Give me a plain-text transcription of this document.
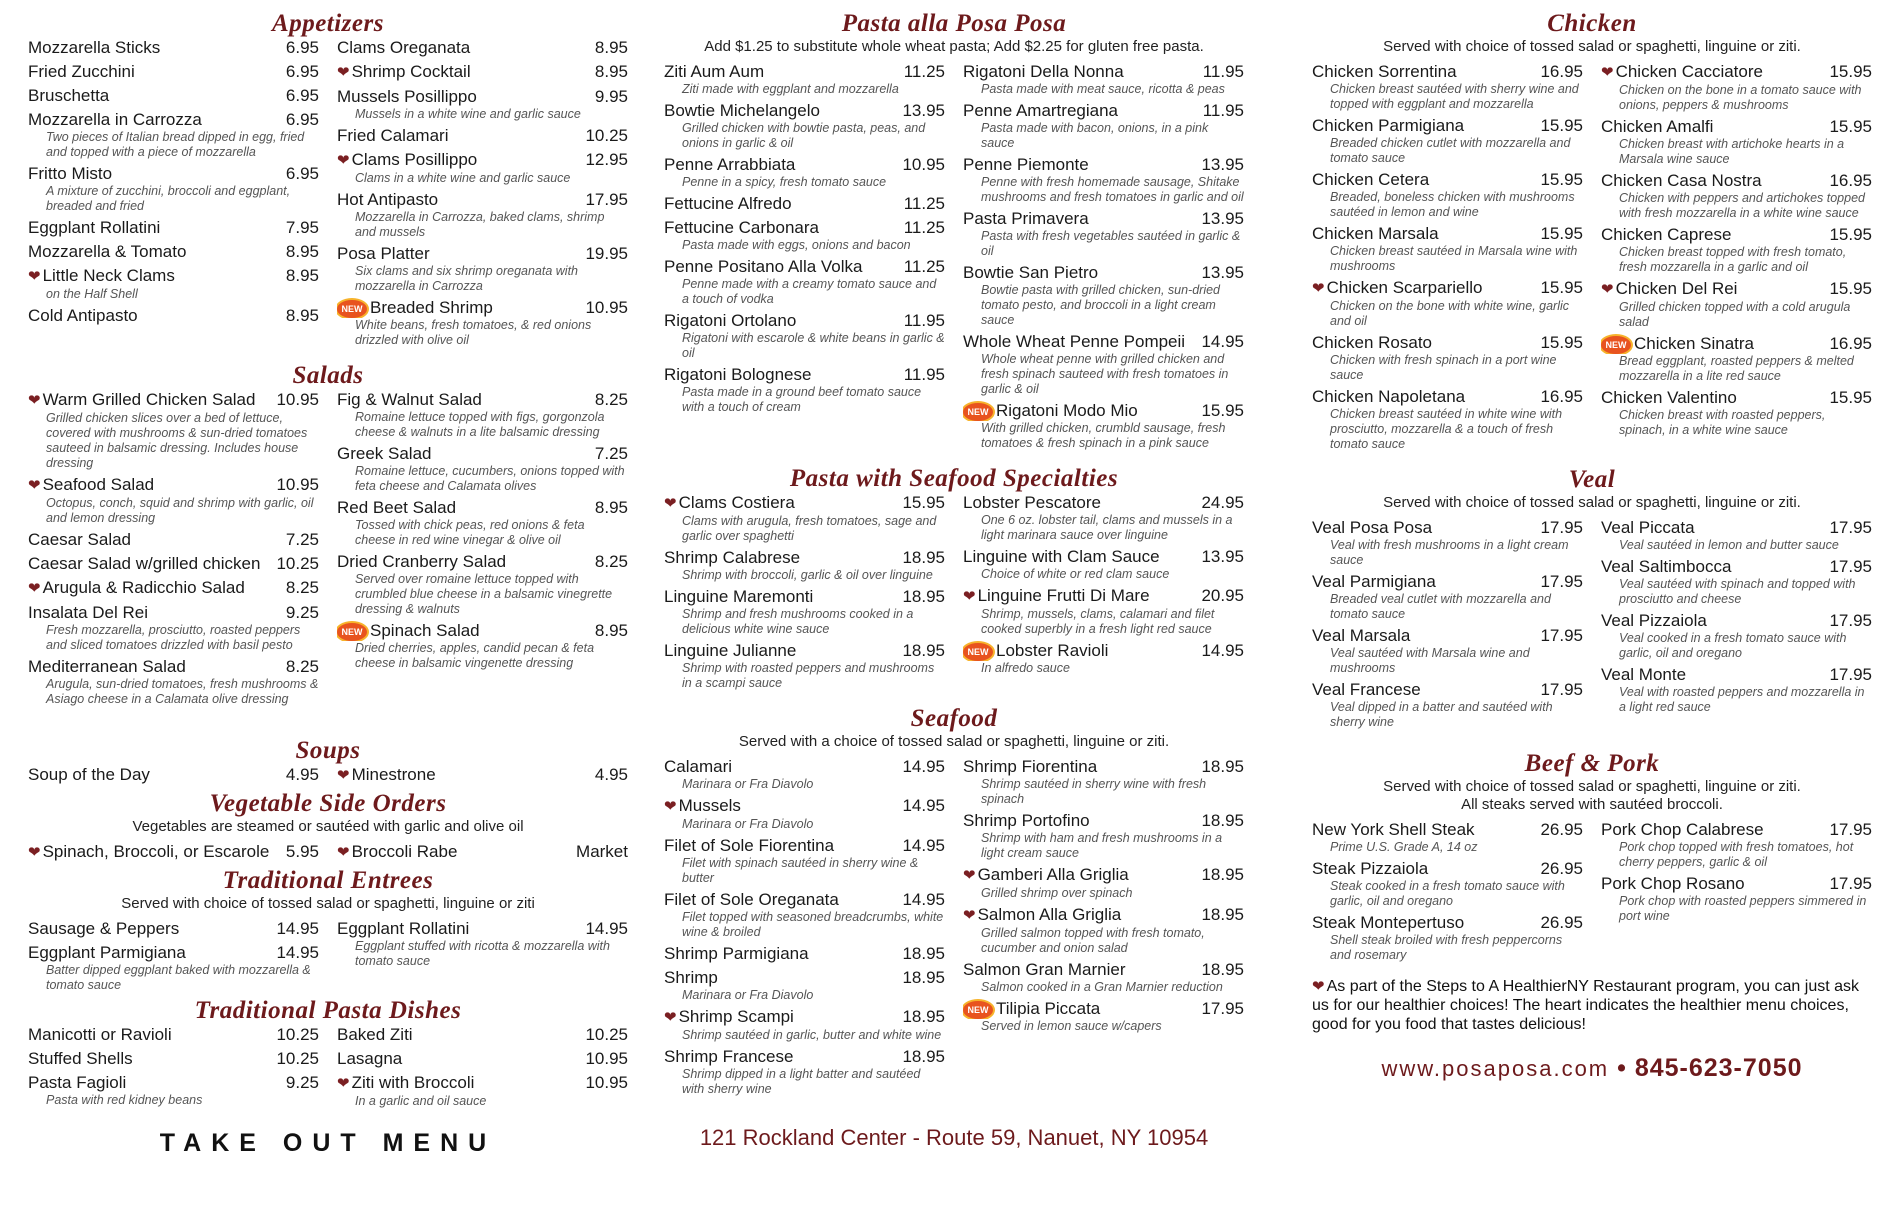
Appetizers
Mozzarella Sticks	6.95
Fried Zucchini	6.95
Bruschetta	6.95
Mozzarella in Carrozza	6.95
Two pieces of Italian bread dipped in egg, fried and topped with a piece of mozzarella
Fritto Misto	6.95
A mixture of zucchini, broccoli and eggplant, breaded and fried
Eggplant Rollatini	7.95
Mozzarella & Tomato	8.95
❤ Little Neck Clams	8.95
on the Half Shell
Cold Antipasto	8.95
Clams Oreganata	8.95
❤ Shrimp Cocktail	8.95
Mussels Posillippo	9.95
Mussels in a white wine and garlic sauce
Fried Calamari	10.25
❤ Clams Posillippo	12.95
Clams in a white wine and garlic sauce
Hot Antipasto	17.95
Mozzarella in Carrozza, baked clams, shrimp and mussels
Posa Platter	19.95
Six clams and six shrimp oreganata with mozzarella in Carrozza
NEW Breaded Shrimp	10.95
White beans, fresh tomatoes, & red onions drizzled with olive oil
Salads
❤ Warm Grilled Chicken Salad	10.95
Grilled chicken slices over a bed of lettuce, covered with mushrooms & sun-dried tomatoes sauteed in balsamic dressing. Includes house dressing
❤ Seafood Salad	10.95
Octopus, conch, squid and shrimp with garlic, oil and lemon dressing
Caesar Salad	7.25
Caesar Salad w/grilled chicken 10.25
❤ Arugula & Radicchio Salad	8.25
Insalata Del Rei	9.25
Fresh mozzarella, prosciutto, roasted peppers and sliced tomatoes drizzled with basil pesto
Mediterranean Salad	8.25
Arugula, sun-dried tomatoes, fresh mushrooms & Asiago cheese in a Calamata olive dressing
Fig & Walnut Salad	8.25
Romaine lettuce topped with figs, gorgonzola cheese & walnuts in a lite balsamic dressing
Greek Salad	7.25
Romaine lettuce, cucumbers, onions topped with feta cheese and Calamata olives
Red Beet Salad	8.95
Tossed with chick peas, red onions & feta cheese in red wine vinegar & olive oil
Dried Cranberry Salad	8.25
Served over romaine lettuce topped with crumbled blue cheese in a balsamic vinegrette dressing & walnuts
NEW Spinach Salad	8.95
Dried cherries, apples, candid pecan & feta cheese in balsamic vingenette dressing
Soups
Soup of the Day	4.95 ❤ Minestrone	4.95
Vegetable Side Orders
Vegetables are steamed or sautéed with garlic and olive oil
❤ Spinach, Broccoli, or Escarole 5.95 ❤ Broccoli Rabe	Market
Traditional Entrees
Served with choice of tossed salad or spaghetti, linguine or ziti
Sausage & Peppers	14.95
Eggplant Parmigiana	14.95
Batter dipped eggplant baked with mozzarella & tomato sauce
Eggplant Rollatini	14.95
Eggplant stuffed with ricotta & mozzarella with tomato sauce
Traditional Pasta Dishes
Manicotti or Ravioli	10.25
Stuffed Shells	10.25
Pasta Fagioli	9.25
Pasta with red kidney beans
Baked Ziti	10.25
Lasagna	10.95
❤ Ziti with Broccoli	10.95
In a garlic and oil sauce
TAKE OUT MENU
Pasta alla Posa Posa
Add $1.25 to substitute whole wheat pasta; Add $2.25 for gluten free pasta.
Ziti Aum Aum	11.25
Ziti made with eggplant and mozzarella
Bowtie Michelangelo	13.95
Grilled chicken with bowtie pasta, peas, and onions in garlic & oil
Penne Arrabbiata	10.95
Penne in a spicy, fresh tomato sauce
Fettucine Alfredo	11.25
Fettucine Carbonara	11.25
Pasta made with eggs, onions and bacon
Penne Positano Alla Volka	11.25
Penne made with a creamy tomato sauce and a touch of vodka
Rigatoni Ortolano	11.95
Rigatoni with escarole & white beans in garlic & oil
Rigatoni Bolognese	11.95
Pasta made in a ground beef tomato sauce with a touch of cream
Rigatoni Della Nonna	11.95
Pasta made with meat sauce, ricotta & peas
Penne Amartregiana	11.95
Pasta made with bacon, onions, in a pink sauce
Penne Piemonte	13.95
Penne with fresh homemade sausage, Shitake mushrooms and fresh tomatoes in garlic and oil
Pasta Primavera	13.95
Pasta with fresh vegetables sautéed in garlic & oil
Bowtie San Pietro	13.95
Bowtie pasta with grilled chicken, sun-dried tomato pesto, and broccoli in a light cream sauce
Whole Wheat Penne Pompeii 14.95
Whole wheat penne with grilled chicken and fresh spinach sauteed with fresh tomatoes in garlic & oil
NEW Rigatoni Modo Mio	15.95
With grilled chicken, crumbld sausage, fresh tomatoes & fresh spinach in a pink sauce
Pasta with Seafood Specialties
❤ Clams Costiera	15.95
Clams with arugula, fresh tomatoes, sage and garlic over spaghetti
Shrimp Calabrese	18.95
Shrimp with broccoli, garlic & oil over linguine
Linguine Maremonti	18.95
Shrimp and fresh mushrooms cooked in a delicious white wine sauce
Linguine Julianne	18.95
Shrimp with roasted peppers and mushrooms in a scampi sauce
Lobster Pescatore	24.95
One 6 oz. lobster tail, clams and mussels in a light marinara sauce over linguine
Linguine with Clam Sauce	13.95
Choice of white or red clam sauce
❤ Linguine Frutti Di Mare	20.95
Shrimp, mussels, clams, calamari and filet cooked superbly in a fresh light red sauce
NEW Lobster Ravioli	14.95
In alfredo sauce
Seafood
Served with a choice of tossed salad or spaghetti, linguine or ziti.
Calamari	14.95
Marinara or Fra Diavolo
❤ Mussels	14.95
Marinara or Fra Diavolo
Filet of Sole Fiorentina	14.95
Filet with spinach sautéed in sherry wine & butter
Filet of Sole Oreganata	14.95
Filet topped with seasoned breadcrumbs, white wine & broiled
Shrimp Parmigiana	18.95
Shrimp	18.95
Marinara or Fra Diavolo
❤ Shrimp Scampi	18.95
Shrimp sautéed in garlic, butter and white wine
Shrimp Francese	18.95
Shrimp dipped in a light batter and sautéed with sherry wine
Shrimp Fiorentina	18.95
Shrimp sautéed in sherry wine with fresh spinach
Shrimp Portofino	18.95
Shrimp with ham and fresh mushrooms in a light cream sauce
❤ Gamberi Alla Griglia	18.95
Grilled shrimp over spinach
❤ Salmon Alla Griglia	18.95
Grilled salmon topped with fresh tomato, cucumber and onion salad
Salmon Gran Marnier	18.95
Salmon cooked in a Gran Marnier reduction
NEW Tilipia Piccata	17.95
Served in lemon sauce w/capers
121 Rockland Center - Route 59, Nanuet, NY 10954
Chicken
Served with choice of tossed salad or spaghetti, linguine or ziti.
Chicken Sorrentina	16.95
Chicken breast sautéed with sherry wine and topped with eggplant and mozzarella
Chicken Parmigiana	15.95
Breaded chicken cutlet with mozzarella and tomato sauce
Chicken Cetera	15.95
Breaded, boneless chicken with mushrooms sautéed in lemon and wine
Chicken Marsala	15.95
Chicken breast sautéed in Marsala wine with mushrooms
❤ Chicken Scarpariello	15.95
Chicken on the bone with white wine, garlic and oil
Chicken Rosato	15.95
Chicken with fresh spinach in a port wine sauce
Chicken Napoletana	16.95
Chicken breast sautéed in white wine with prosciutto, mozzarella & a touch of fresh tomato sauce
❤ Chicken Cacciatore	15.95
Chicken on the bone in a tomato sauce with onions, peppers & mushrooms
Chicken Amalfi	15.95
Chicken breast with artichoke hearts in a Marsala wine sauce
Chicken Casa Nostra	16.95
Chicken with peppers and artichokes topped with fresh mozzarella in a white wine sauce
Chicken Caprese	15.95
Chicken breast topped with fresh tomato, fresh mozzarella in a garlic and oil
❤ Chicken Del Rei	15.95
Grilled chicken topped with a cold arugula salad
NEW Chicken Sinatra	16.95
Bread eggplant, roasted peppers & melted mozzarella in a lite red sauce
Chicken Valentino	15.95
Chicken breast with roasted peppers, spinach, in a white wine sauce
Veal
Served with choice of tossed salad or spaghetti, linguine or ziti.
Veal Posa Posa	17.95
Veal with fresh mushrooms in a light cream sauce
Veal Parmigiana	17.95
Breaded veal cutlet with mozzarella and tomato sauce
Veal Marsala	17.95
Veal sautéed with Marsala wine and mushrooms
Veal Francese	17.95
Veal dipped in a batter and sautéed with sherry wine
Veal Piccata	17.95
Veal sautéed in lemon and butter sauce
Veal Saltimbocca	17.95
Veal sautéed with spinach and topped with prosciutto and cheese
Veal Pizzaiola	17.95
Veal cooked in a fresh tomato sauce with garlic, oil and oregano
Veal Monte	17.95
Veal with roasted peppers and mozzarella in a light red sauce
Beef & Pork
Served with choice of tossed salad or spaghetti, linguine or ziti.
All steaks served with sautéed broccoli.
New York Shell Steak	26.95
Prime U.S. Grade A, 14 oz
Steak Pizzaiola	26.95
Steak cooked in a fresh tomato sauce with garlic, oil and oregano
Steak Montepertuso	26.95
Shell steak broiled with fresh peppercorns and rosemary
Pork Chop Calabrese	17.95
Pork chop topped with fresh tomatoes, hot cherry peppers, garlic & oil
Pork Chop Rosano	17.95
Pork chop with roasted peppers simmered in port wine
❤ As part of the Steps to A HealthierNY Restaurant program, you can just ask us for our healthier choices! The heart indicates the healthier menu choices, good for you food that tastes delicious!
www.posaposa.com • 845-623-7050
